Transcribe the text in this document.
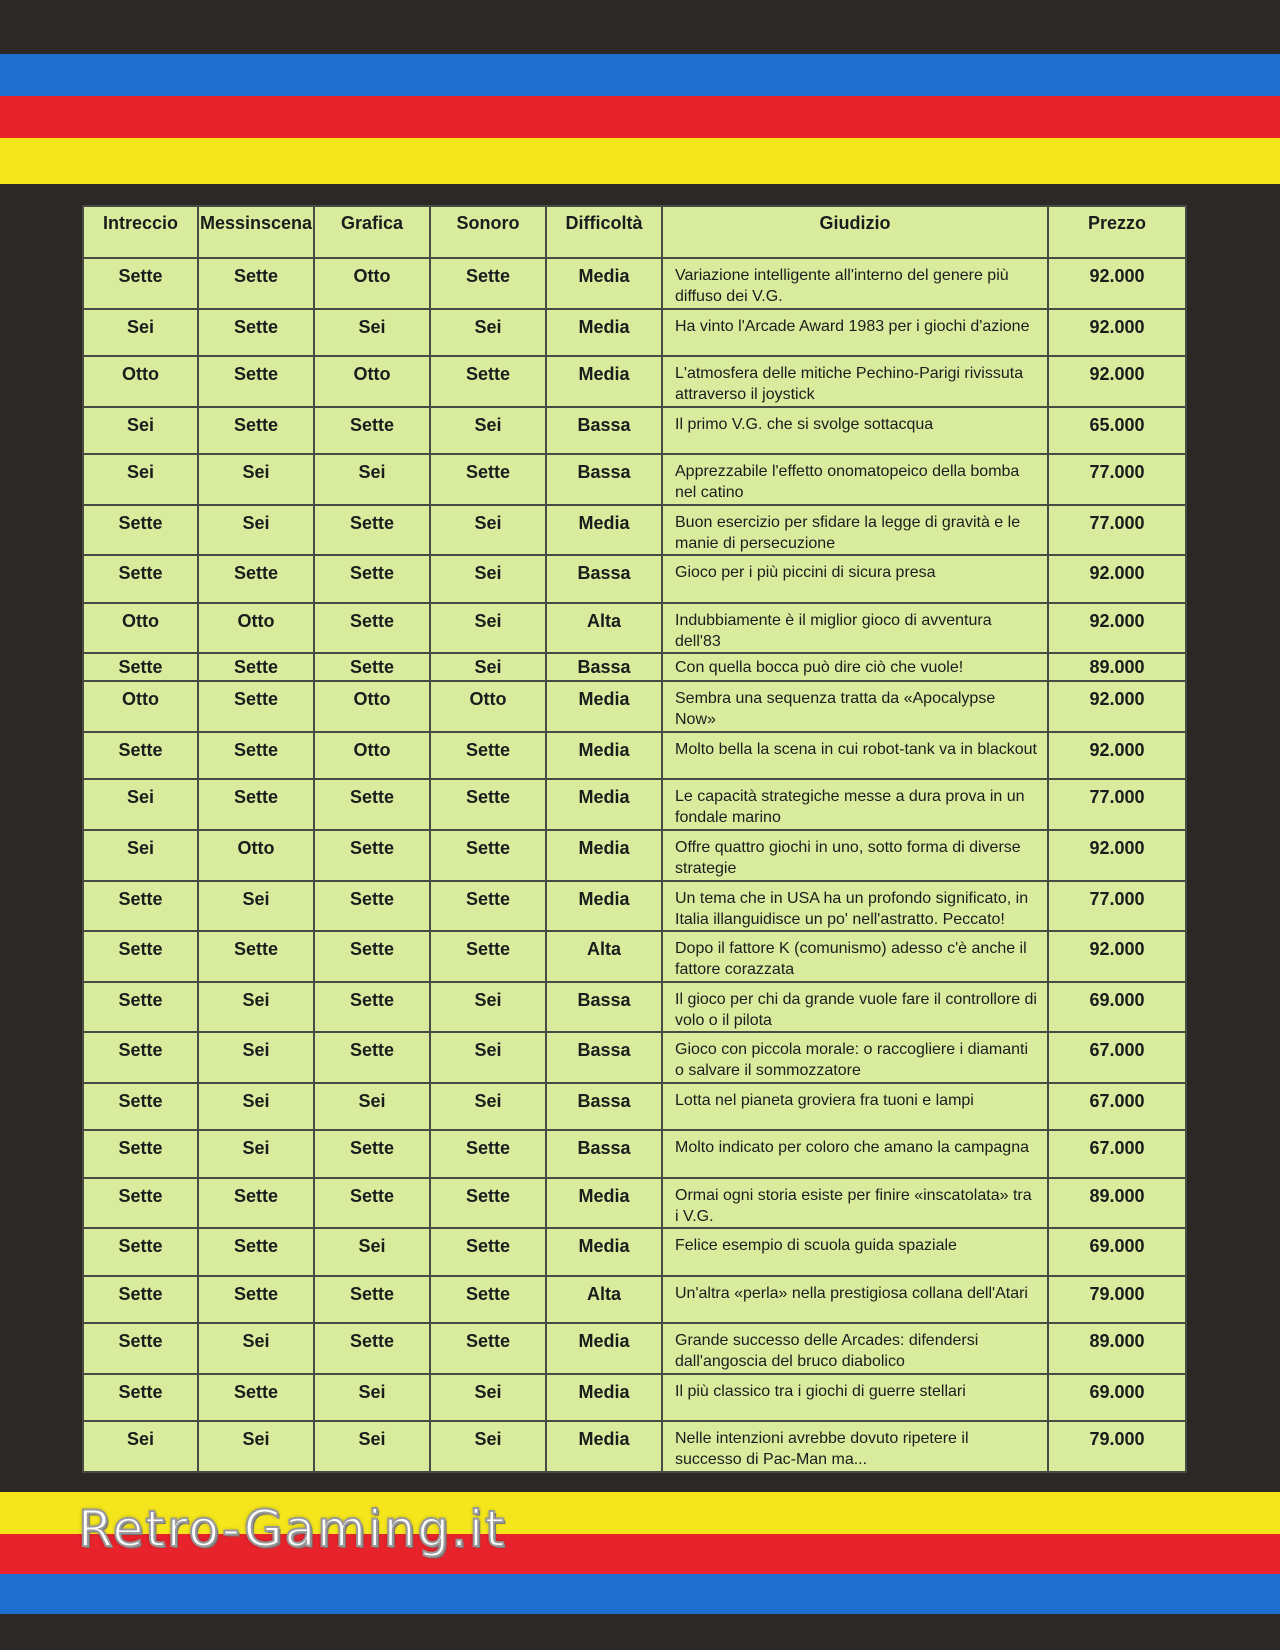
Intreccio	Messinscena	Grafica	Sonoro	Difficoltà	Giudizio	Prezzo
Sette	Sette	Otto	Sette	Media	Variazione intelligente all'interno del genere più diffuso dei V.G.	92.000
Sei	Sette	Sei	Sei	Media	Ha vinto l'Arcade Award 1983 per i giochi d'azione	92.000
Otto	Sette	Otto	Sette	Media	L'atmosfera delle mitiche Pechino-Parigi rivissuta attraverso il joystick	92.000
Sei	Sette	Sette	Sei	Bassa	Il primo V.G. che si svolge sottacqua	65.000
Sei	Sei	Sei	Sette	Bassa	Apprezzabile l'effetto onomatopeico della bomba nel catino	77.000
Sette	Sei	Sette	Sei	Media	Buon esercizio per sfidare la legge di gravità e le manie di persecuzione	77.000
Sette	Sette	Sette	Sei	Bassa	Gioco per i più piccini di sicura presa	92.000
Otto	Otto	Sette	Sei	Alta	Indubbiamente è il miglior gioco di avventura dell'83	92.000
Sette	Sette	Sette	Sei	Bassa	Con quella bocca può dire ciò che vuole!	89.000
Otto	Sette	Otto	Otto	Media	Sembra una sequenza tratta da «Apocalypse Now»	92.000
Sette	Sette	Otto	Sette	Media	Molto bella la scena in cui robot-tank va in blackout	92.000
Sei	Sette	Sette	Sette	Media	Le capacità strategiche messe a dura prova in un fondale marino	77.000
Sei	Otto	Sette	Sette	Media	Offre quattro giochi in uno, sotto forma di diverse strategie	92.000
Sette	Sei	Sette	Sette	Media	Un tema che in USA ha un profondo significato, in Italia illanguidisce un po' nell'astratto. Peccato!	77.000
Sette	Sette	Sette	Sette	Alta	Dopo il fattore K (comunismo) adesso c'è anche il fattore corazzata	92.000
Sette	Sei	Sette	Sei	Bassa	Il gioco per chi da grande vuole fare il controllore di volo o il pilota	69.000
Sette	Sei	Sette	Sei	Bassa	Gioco con piccola morale: o raccogliere i diamanti o salvare il sommozzatore	67.000
Sette	Sei	Sei	Sei	Bassa	Lotta nel pianeta groviera fra tuoni e lampi	67.000
Sette	Sei	Sette	Sette	Bassa	Molto indicato per coloro che amano la campagna	67.000
Sette	Sette	Sette	Sette	Media	Ormai ogni storia esiste per finire «inscatolata» tra i V.G.	89.000
Sette	Sette	Sei	Sette	Media	Felice esempio di scuola guida spaziale	69.000
Sette	Sette	Sette	Sette	Alta	Un'altra «perla» nella prestigiosa collana dell'Atari	79.000
Sette	Sei	Sette	Sette	Media	Grande successo delle Arcades: difendersi dall'angoscia del bruco diabolico	89.000
Sette	Sette	Sei	Sei	Media	Il più classico tra i giochi di guerre stellari	69.000
Sei	Sei	Sei	Sei	Media	Nelle intenzioni avrebbe dovuto ripetere il successo di Pac-Man ma...	79.000
Retro-Gaming.it
